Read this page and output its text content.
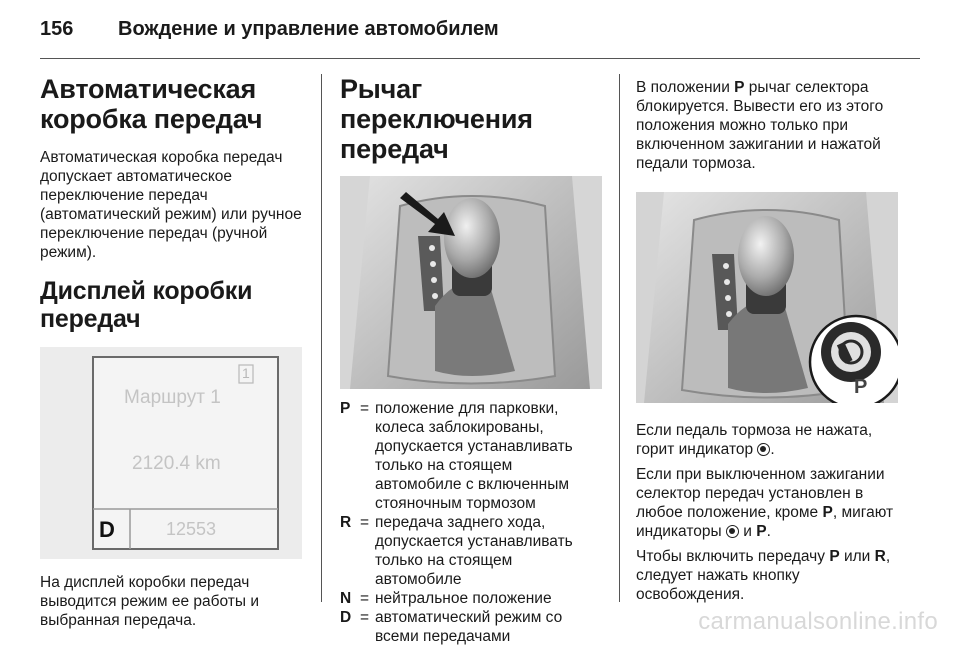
156 Вождение и управление автомобилем
Автоматическая коробка передач

Автоматическая коробка передач допускает автоматическое переключение передач (автоматический режим) или ручное переключение передач (ручной режим).

Дисплей коробки передач
Маршрут 1
1
2120.4 km
D	12553

На дисплей коробки передач выводится режим ее работы и выбранная передача.

Рычаг переключения передач
P = положение для парковки, колеса заблокированы, допускается устанавливать только на стоящем автомобиле с включенным стояночным тормозом
R = передача заднего хода, допускается устанавливать только на стоящем автомобиле
N = нейтральное положение
D = автоматический режим со всеми передачами

В положении P рычаг селектора блокируется. Вывести его из этого положения можно только при включенном зажигании и нажатой педали тормоза.

P

Если педаль тормоза не нажата, горит индикатор .

Если при выключенном зажигании селектор передач установлен в любое положение, кроме P, мигают индикаторы  и P.

Чтобы включить передачу P или R, следует нажать кнопку освобождения.

carmanualsonline.info
